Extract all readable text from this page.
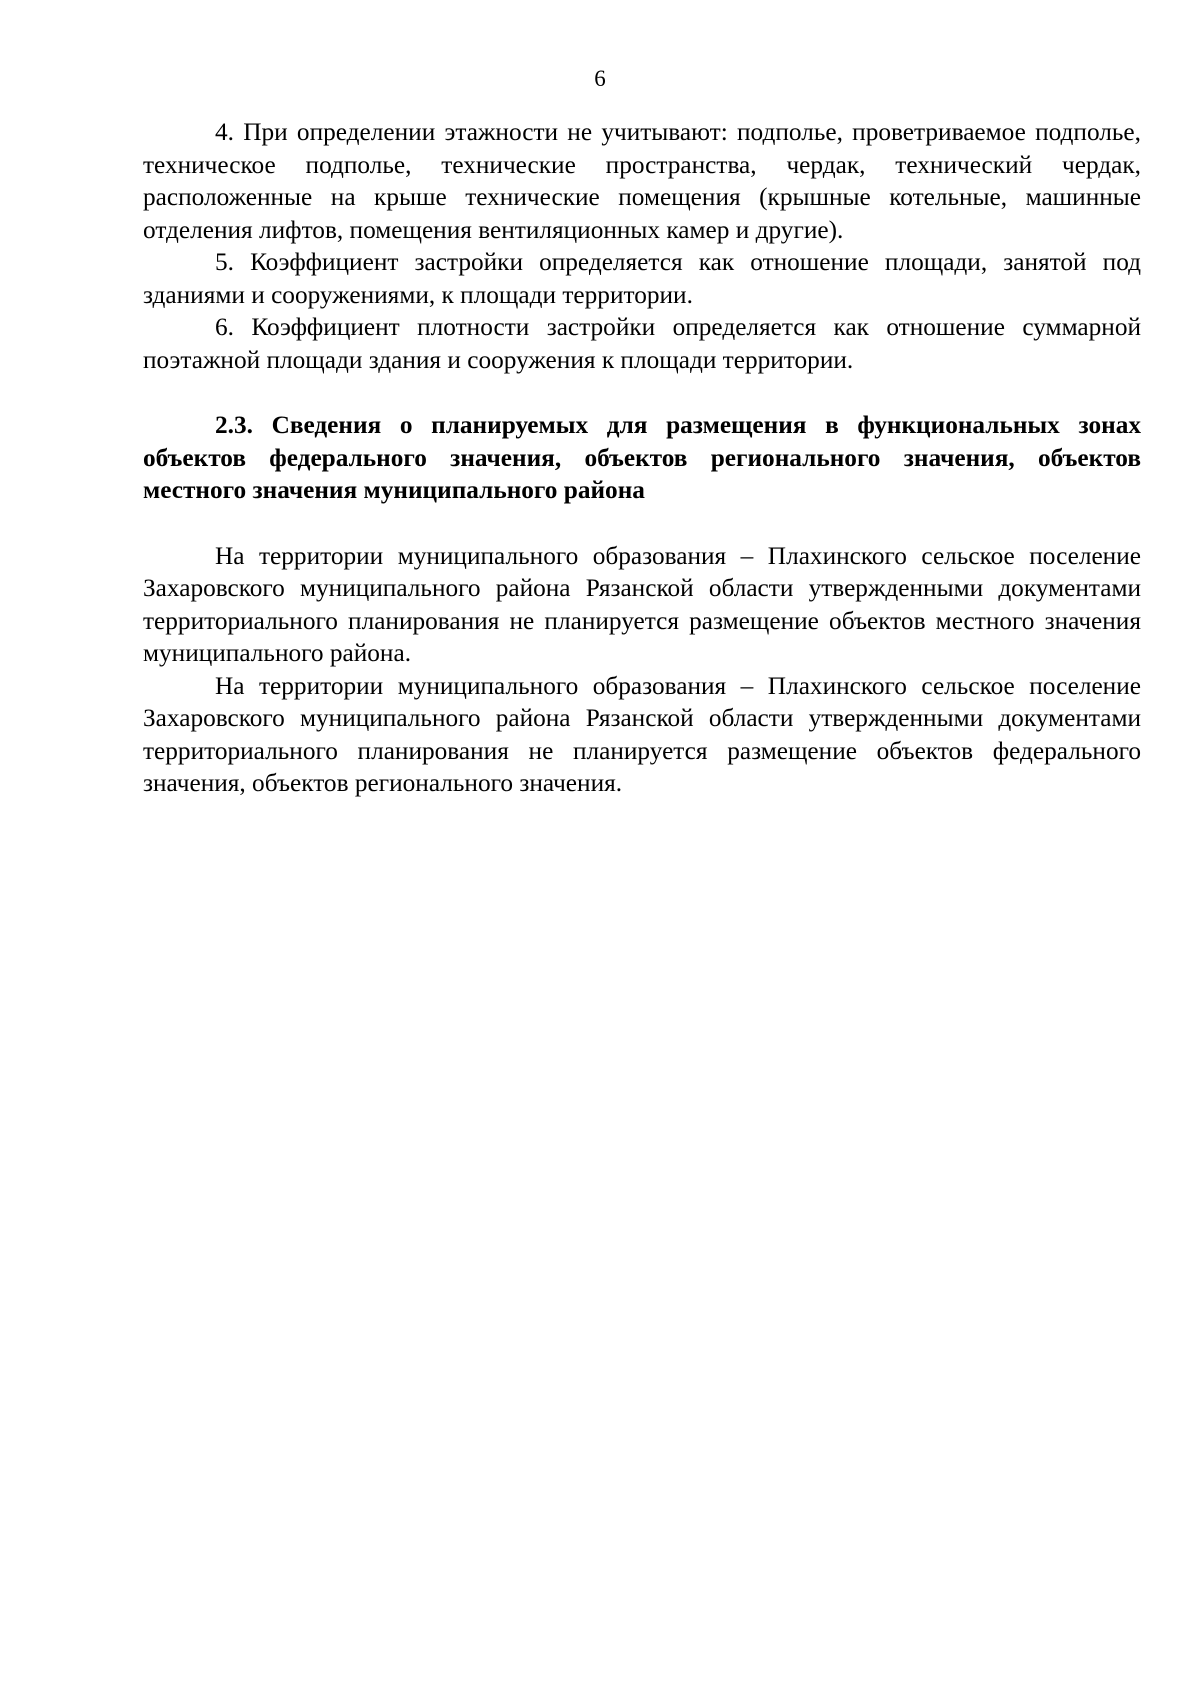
6

4. При определении этажности не учитывают: подполье, проветриваемое подполье, техническое подполье, технические пространства, чердак, технический чердак, расположенные на крыше технические помещения (крышные котельные, машинные отделения лифтов, помещения вентиляционных камер и другие).

5. Коэффициент застройки определяется как отношение площади, занятой под зданиями и сооружениями, к площади территории.

6. Коэффициент плотности застройки определяется как отношение суммарной поэтажной площади здания и сооружения к площади территории.

2.3. Сведения о планируемых для размещения в функциональных зонах объектов федерального значения, объектов регионального значения, объектов местного значения муниципального района

На территории муниципального образования – Плахинского сельское поселение Захаровского муниципального района Рязанской области утвержденными документами территориального планирования не планируется размещение объектов местного значения муниципального района.

На территории муниципального образования – Плахинского сельское поселение Захаровского муниципального района Рязанской области утвержденными документами территориального планирования не планируется размещение объектов федерального значения, объектов регионального значения.
